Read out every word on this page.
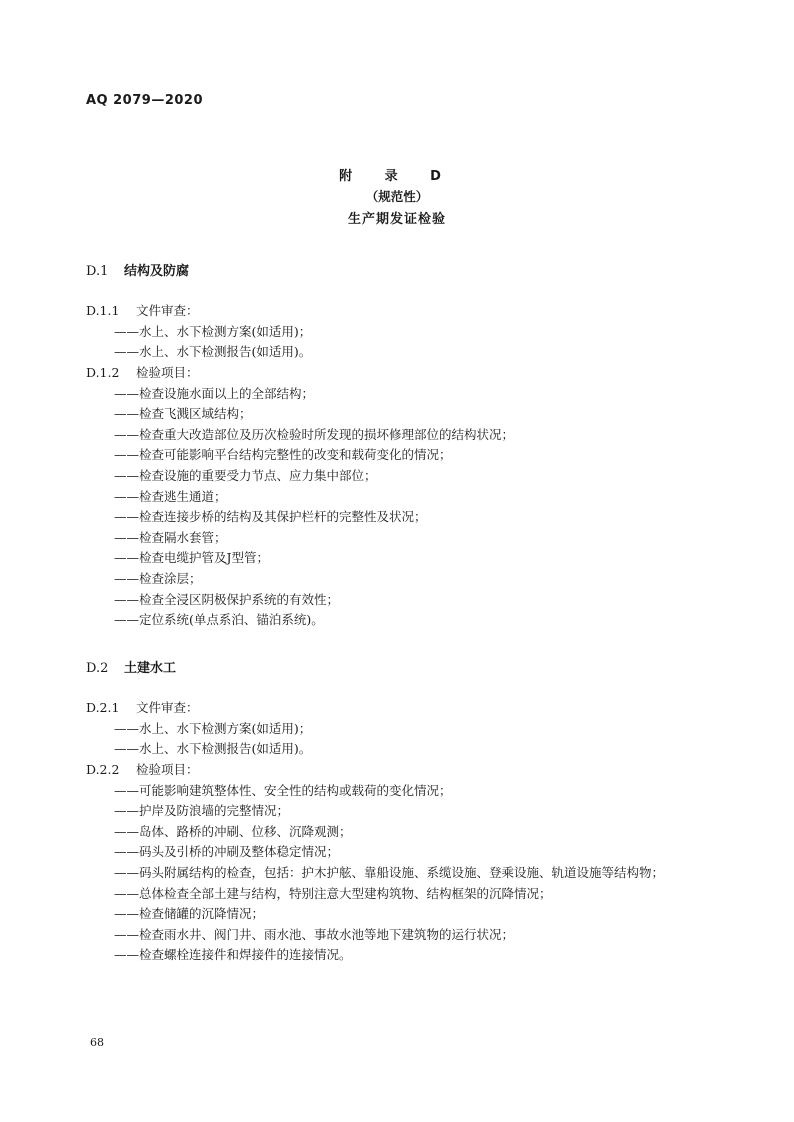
AQ 2079—2020
附 录 D
（规范性）
生产期发证检验
D.1 结构及防腐
D.1.1 文件审查：
——水上、水下检测方案(如适用)；
——水上、水下检测报告(如适用)。
D.1.2 检验项目：
——检查设施水面以上的全部结构；
——检查飞溅区域结构；
——检查重大改造部位及历次检验时所发现的损坏修理部位的结构状况；
——检查可能影响平台结构完整性的改变和载荷变化的情况；
——检查设施的重要受力节点、应力集中部位；
——检查逃生通道；
——检查连接步桥的结构及其保护栏杆的完整性及状况；
——检查隔水套管；
——检查电缆护管及J型管；
——检查涂层；
——检查全浸区阴极保护系统的有效性；
——定位系统(单点系泊、锚泊系统)。
D.2 土建水工
D.2.1 文件审查：
——水上、水下检测方案(如适用)；
——水上、水下检测报告(如适用)。
D.2.2 检验项目：
——可能影响建筑整体性、安全性的结构或载荷的变化情况；
——护岸及防浪墙的完整情况；
——岛体、路桥的冲刷、位移、沉降观测；
——码头及引桥的冲刷及整体稳定情况；
——码头附属结构的检查，包括：护木护舷、靠船设施、系缆设施、登乘设施、轨道设施等结构物；
——总体检查全部土建与结构，特别注意大型建构筑物、结构框架的沉降情况；
——检查储罐的沉降情况；
——检查雨水井、阀门井、雨水池、事故水池等地下建筑物的运行状况；
——检查螺栓连接件和焊接件的连接情况。
68
